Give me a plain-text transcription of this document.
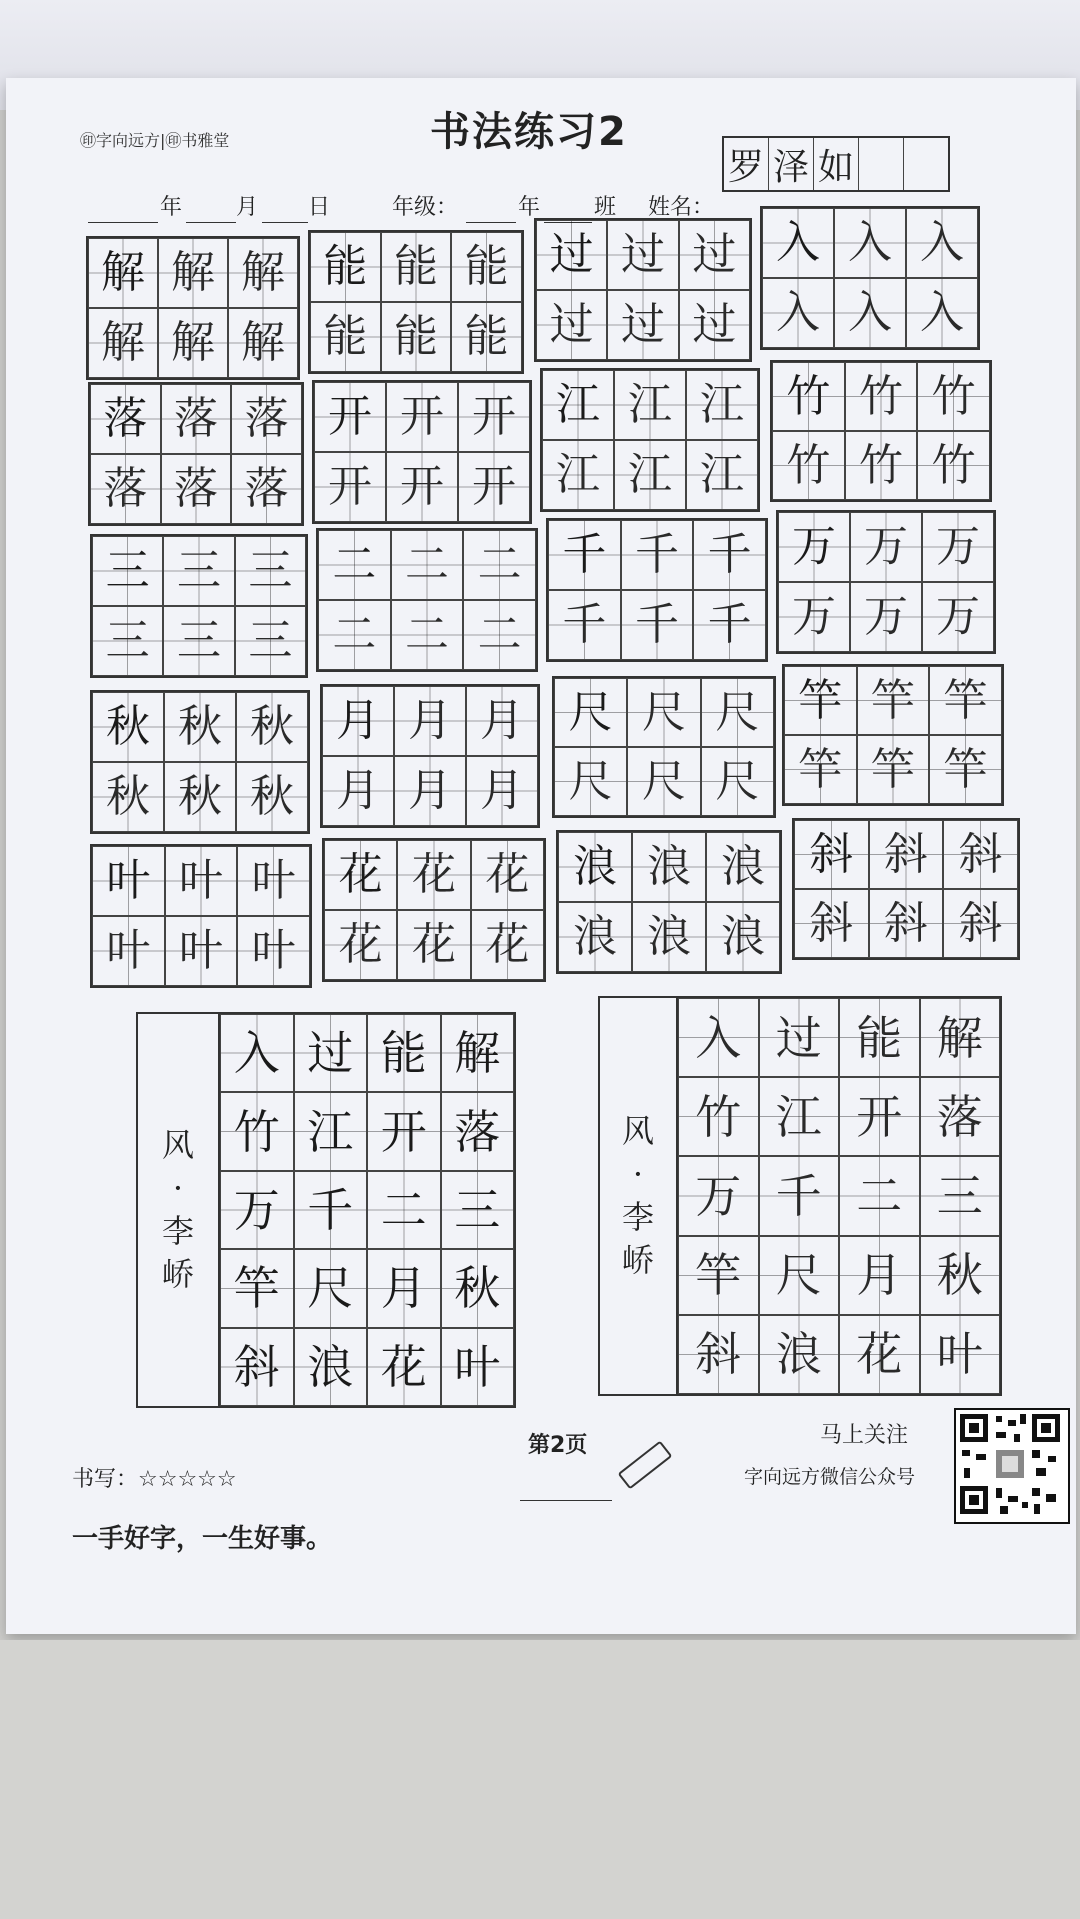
㊞字向远方|㊞书雅堂	书法练习2
年 月 日	年级：	年 班 姓名：
罗 泽 如
解 解 解
解 解 解
能 能 能
能 能 能
过 过 过
过 过 过
入 入 入
入 入 入
落 落 落
落 落 落
开 开 开
开 开 开
江 江 江
江 江 江
竹 竹 竹
竹 竹 竹
三 三 三
三 三 三
二 二 二
二 二 二
千 千 千
千 千 千
万 万 万
万 万 万
秋 秋 秋
秋 秋 秋
月 月 月
月 月 月
尺 尺 尺
尺 尺 尺
竿 竿 竿
竿 竿 竿
叶 叶 叶
叶 叶 叶
花 花 花
花 花 花
浪 浪 浪
浪 浪 浪
斜 斜 斜
斜 斜 斜
风
·
李
峤
入 过 能 解
竹 江 开 落
万 千 二 三
竿 尺 月 秋
斜 浪 花 叶
风
·
李
峤
入 过 能 解
竹 江 开 落
万 千 二 三
竿 尺 月 秋
斜 浪 花 叶
书写：☆☆☆☆☆
一手好字，一生好事。
第2页	马上关注
字向远方微信公众号
